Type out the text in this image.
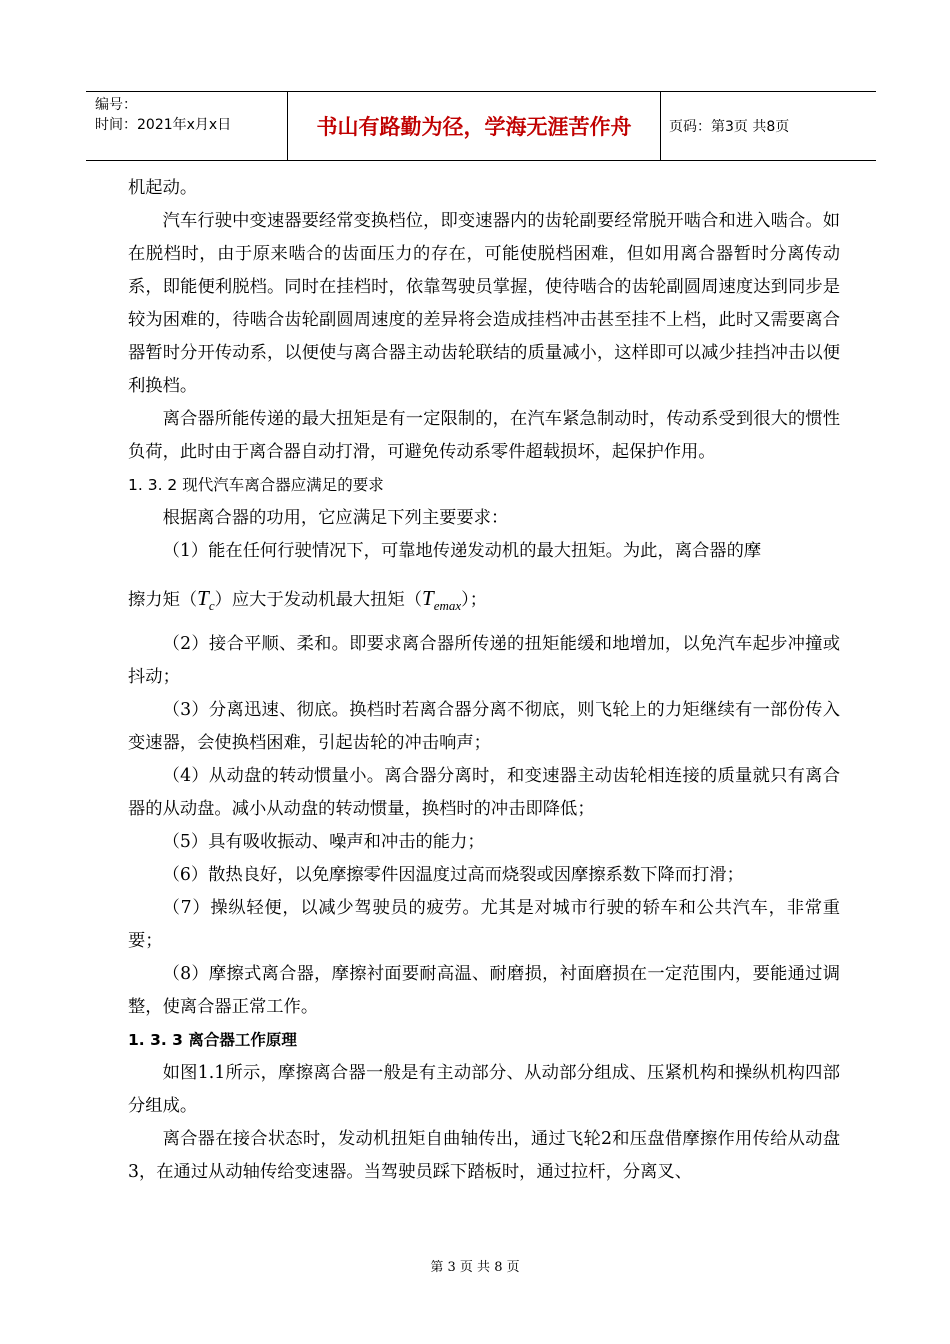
编号：
时间：2021年x月x日	书山有路勤为径，学海无涯苦作舟	页码：第3页 共8页

机起动。

汽车行驶中变速器要经常变换档位，即变速器内的齿轮副要经常脱开啮合和进入啮合。如在脱档时，由于原来啮合的齿面压力的存在，可能使脱档困难，但如用离合器暂时分离传动系，即能便利脱档。同时在挂档时，依靠驾驶员掌握，使待啮合的齿轮副圆周速度达到同步是较为困难的，待啮合齿轮副圆周速度的差异将会造成挂档冲击甚至挂不上档，此时又需要离合器暂时分开传动系，以便使与离合器主动齿轮联结的质量减小，这样即可以减少挂挡冲击以便利换档。

离合器所能传递的最大扭矩是有一定限制的，在汽车紧急制动时，传动系受到很大的惯性负荷，此时由于离合器自动打滑，可避免传动系零件超载损坏，起保护作用。

1. 3. 2 现代汽车离合器应满足的要求

根据离合器的功用，它应满足下列主要要求：

（1）能在任何行驶情况下，可靠地传递发动机的最大扭矩。为此，离合器的摩

擦力矩$(T_c)$应大于发动机最大扭矩$(T_{emax})$；

（2）接合平顺、柔和。即要求离合器所传递的扭矩能缓和地增加，以免汽车起步冲撞或抖动；

（3）分离迅速、彻底。换档时若离合器分离不彻底，则飞轮上的力矩继续有一部份传入变速器，会使换档困难，引起齿轮的冲击响声；

（4）从动盘的转动惯量小。离合器分离时，和变速器主动齿轮相连接的质量就只有离合器的从动盘。减小从动盘的转动惯量，换档时的冲击即降低；

（5）具有吸收振动、噪声和冲击的能力；

（6）散热良好，以免摩擦零件因温度过高而烧裂或因摩擦系数下降而打滑；

（7）操纵轻便，以减少驾驶员的疲劳。尤其是对城市行驶的轿车和公共汽车，非常重要；

（8）摩擦式离合器，摩擦衬面要耐高温、耐磨损，衬面磨损在一定范围内，要能通过调整，使离合器正常工作。

1. 3. 3 离合器工作原理

如图1.1所示，摩擦离合器一般是有主动部分、从动部分组成、压紧机构和操纵机构四部分组成。

离合器在接合状态时，发动机扭矩自曲轴传出，通过飞轮2和压盘借摩擦作用传给从动盘3，在通过从动轴传给变速器。当驾驶员踩下踏板时，通过拉杆，分离叉、

第 3 页 共 8 页
